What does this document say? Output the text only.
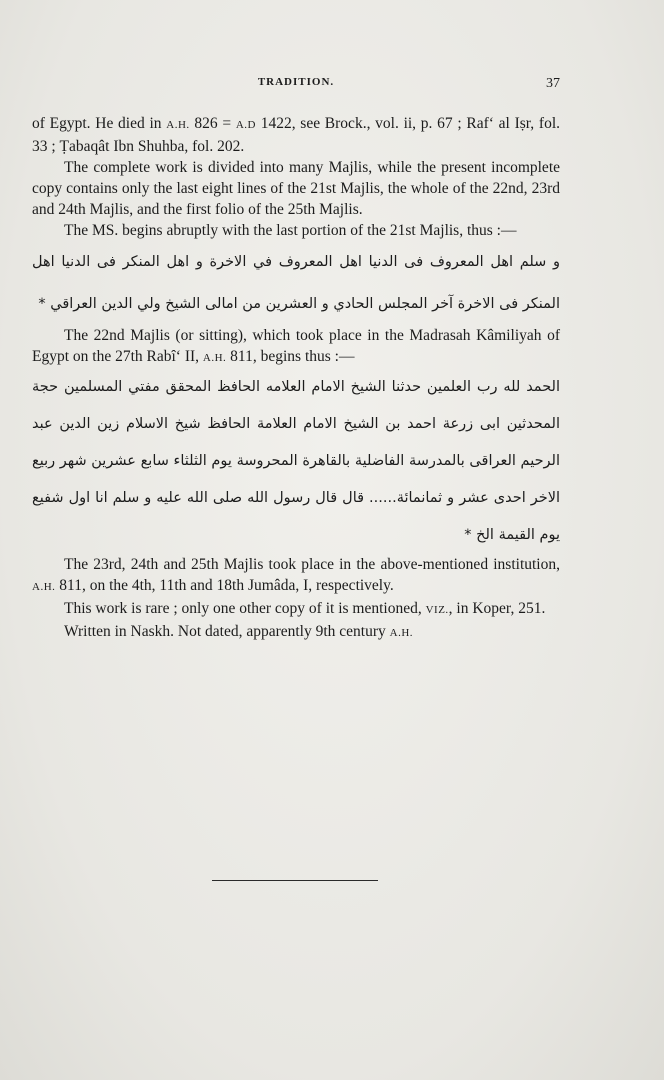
TRADITION.	37

of Egypt. He died in A.H. 826 = A.D 1422, see Brock., vol. ii, p. 67 ; Raf‘ al Iṣr, fol. 33 ; Ṭabaqât Ibn Shuhba, fol. 202.

The complete work is divided into many Majlis, while the present incomplete copy contains only the last eight lines of the 21st Majlis, the whole of the 22nd, 23rd and 24th Majlis, and the first folio of the 25th Majlis.

The MS. begins abruptly with the last portion of the 21st Majlis, thus :—

و سلم اهل المعروف فى الدنيا اهل المعروف في الاخرة و اهل المنكر فى الدنيا اهل المنكر فى الاخرة آخر المجلس الحادي و العشرين من امالى الشيخ ولي الدين العراقي *

The 22nd Majlis (or sitting), which took place in the Madrasah Kâmiliyah of Egypt on the 27th Rabî‘ II, A.H. 811, begins thus :—

الحمد لله رب العلمين حدثنا الشيخ الامام العلامه الحافظ المحقق مفتي المسلمين حجة المحدثين ابى زرعة احمد بن الشيخ الامام العلامة الحافظ شيخ الاسلام زين الدين عبد الرحيم العراقى بالمدرسة الفاضلية بالقاهرة المحروسة يوم الثلثاء سابع عشرين شهر ربيع الاخر احدى عشر و ثمانمائة...... قال قال رسول الله صلى الله عليه و سلم انا اول شفيع يوم القيمة الخ *

The 23rd, 24th and 25th Majlis took place in the above-mentioned institution, A.H. 811, on the 4th, 11th and 18th Jumâda, I, respectively.

This work is rare ; only one other copy of it is mentioned, VIZ., in Koper, 251.

Written in Naskh. Not dated, apparently 9th century A.H.
